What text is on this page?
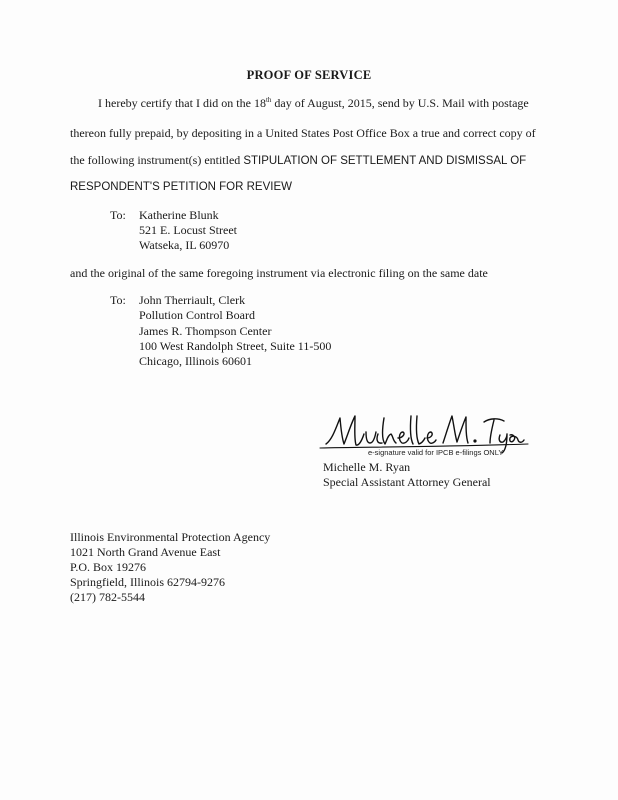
PROOF OF SERVICE
I hereby certify that I did on the 18th day of August, 2015, send by U.S. Mail with postage
thereon fully prepaid, by depositing in a United States Post Office Box a true and correct copy of
the following instrument(s) entitled STIPULATION OF SETTLEMENT AND DISMISSAL OF
RESPONDENT'S PETITION FOR REVIEW
To: Katherine Blunk
521 E. Locust Street
Watseka, IL 60970
and the original of the same foregoing instrument via electronic filing on the same date
To: John Therriault, Clerk
Pollution Control Board
James R. Thompson Center
100 West Randolph Street, Suite 11-500
Chicago, Illinois 60601
e-signature valid for IPCB e-filings ONLY
Michelle M. Ryan
Special Assistant Attorney General
Illinois Environmental Protection Agency
1021 North Grand Avenue East
P.O. Box 19276
Springfield, Illinois 62794-9276
(217) 782-5544
